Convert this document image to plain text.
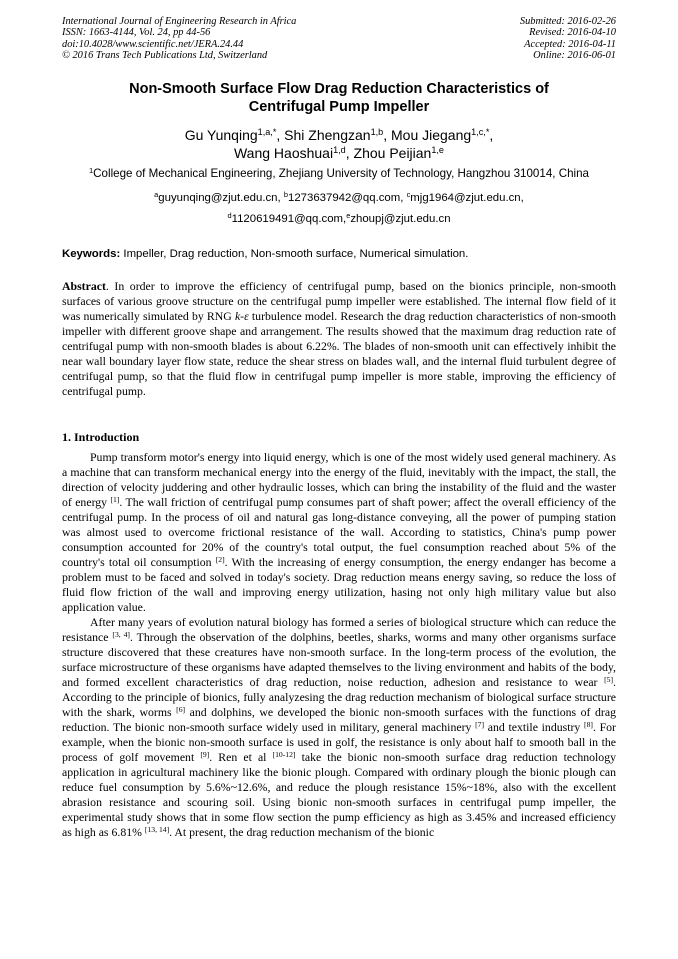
International Journal of Engineering Research in Africa
ISSN: 1663-4144, Vol. 24, pp 44-56
doi:10.4028/www.scientific.net/JERA.24.44
© 2016 Trans Tech Publications Ltd, Switzerland
Submitted: 2016-02-26
Revised: 2016-04-10
Accepted: 2016-04-11
Online: 2016-06-01
Non-Smooth Surface Flow Drag Reduction Characteristics of
Centrifugal Pump Impeller
Gu Yunqing$^{1,a,*}$, Shi Zhengzan$^{1,b}$, Mou Jiegang$^{1,c,*}$,
Wang Haoshuai$^{1,d}$, Zhou Peijian$^{1,e}$
$^1$College of Mechanical Engineering, Zhejiang University of Technology, Hangzhou 310014, China
$^a$guyunqing@zjut.edu.cn, $^b$1273637942@qq.com, $^c$mjg1964@zjut.edu.cn,
$^d$1120619491@qq.com,$^e$zhoupj@zjut.edu.cn
Keywords: Impeller, Drag reduction, Non-smooth surface, Numerical simulation.
Abstract. In order to improve the efficiency of centrifugal pump, based on the bionics principle, non-smooth surfaces of various groove structure on the centrifugal pump impeller were established. The internal flow field of it was numerically simulated by RNG k-ε turbulence model. Research the drag reduction characteristics of non-smooth impeller with different groove shape and arrangement. The results showed that the maximum drag reduction rate of centrifugal pump with non-smooth blades is about 6.22%. The blades of non-smooth unit can effectively inhibit the near wall boundary layer flow state, reduce the shear stress on blades wall, and the internal fluid turbulent degree of centrifugal pump, so that the fluid flow in centrifugal pump impeller is more stable, improving the efficiency of centrifugal pump.
1. Introduction

Pump transform motor's energy into liquid energy, which is one of the most widely used general machinery. As a machine that can transform mechanical energy into the energy of the fluid, inevitably with the impact, the stall, the direction of velocity juddering and other hydraulic losses, which can bring the instability of the fluid and the waster of energy [1]. The wall friction of centrifugal pump consumes part of shaft power; affect the overall efficiency of the centrifugal pump. In the process of oil and natural gas long-distance conveying, all the power of pumping station was almost used to overcome frictional resistance of the wall. According to statistics, China's pump power consumption accounted for 20% of the country's total output, the fuel consumption reached about 5% of the country's total oil consumption [2]. With the increasing of energy consumption, the energy endanger has become a problem must to be faced and solved in today's society. Drag reduction means energy saving, so reduce the loss of fluid flow friction of the wall and improving energy utilization, hasing not only high military value but also application value.

After many years of evolution natural biology has formed a series of biological structure which can reduce the resistance [3, 4]. Through the observation of the dolphins, beetles, sharks, worms and many other organisms surface structure discovered that these creatures have non-smooth surface. In the long-term process of the evolution, the surface microstructure of these organisms have adapted themselves to the living environment and habits of the body, and formed excellent characteristics of drag reduction, noise reduction, adhesion and resistance to wear [5]. According to the principle of bionics, fully analyzesing the drag reduction mechanism of biological surface structure with the shark, worms [6] and dolphins, we developed the bionic non-smooth surfaces with the functions of drag reduction. The bionic non-smooth surface widely used in military, general machinery [7] and textile industry [8]. For example, when the bionic non-smooth surface is used in golf, the resistance is only about half to smooth ball in the process of golf movement [9]. Ren et al [10-12] take the bionic non-smooth surface drag reduction technology application in agricultural machinery like the bionic plough. Compared with ordinary plough the bionic plough can reduce fuel consumption by 5.6%~12.6%, and reduce the plough resistance 15%~18%, also with the excellent abrasion resistance and scouring soil. Using bionic non-smooth surfaces in centrifugal pump impeller, the experimental study shows that in some flow section the pump efficiency as high as 3.45% and increased efficiency as high as 6.81% [13, 14]. At present, the drag reduction mechanism of the bionic
